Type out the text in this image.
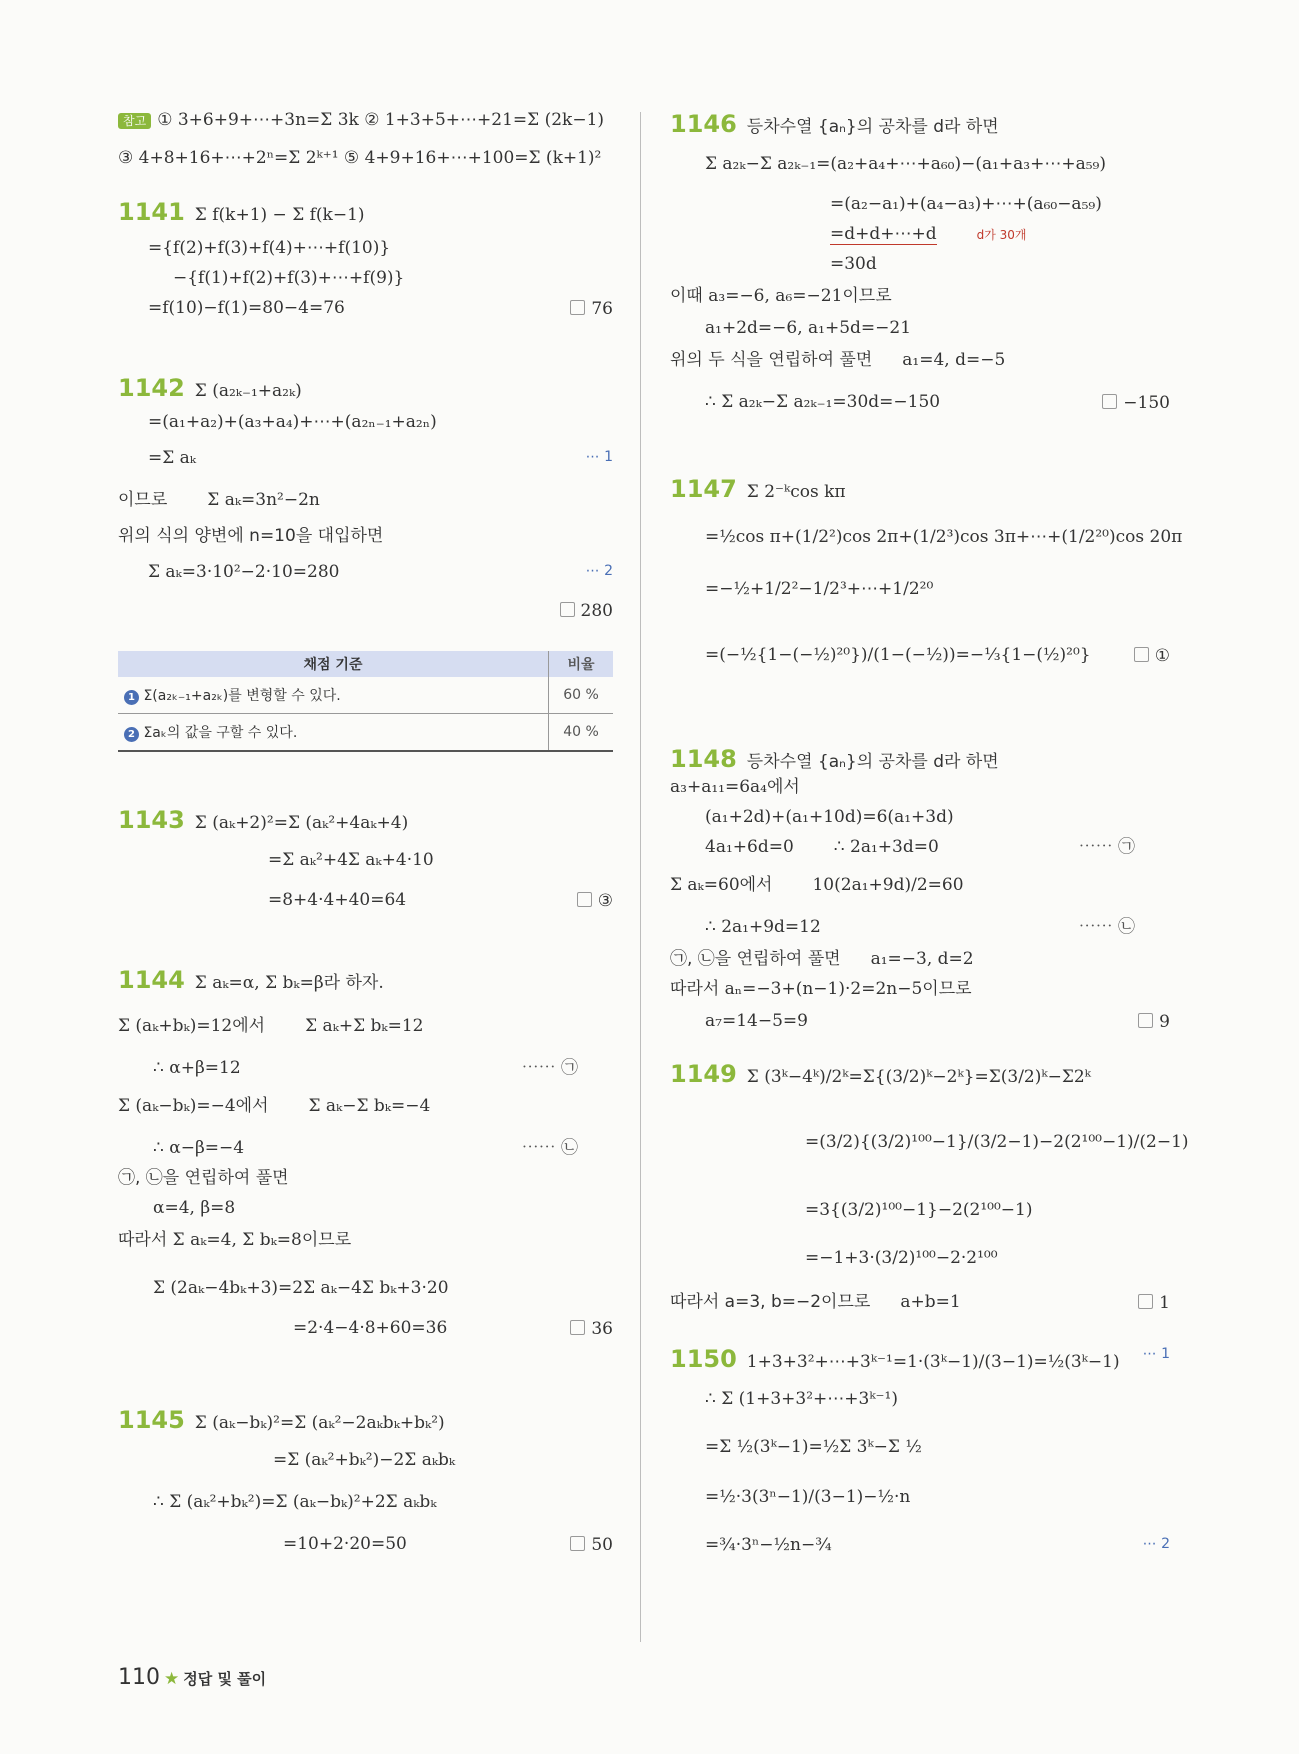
참고 ① 3+6+9+⋯+3n=Σ 3k ② 1+3+5+⋯+21=Σ (2k−1)
③ 4+8+16+⋯+2ⁿ=Σ 2ᵏ⁺¹ ⑤ 4+9+16+⋯+100=Σ (k+1)²
1141 Σ f(k+1) − Σ f(k−1)
={f(2)+f(3)+f(4)+⋯+f(10)}
−{f(1)+f(2)+f(3)+⋯+f(9)}
=f(10)−f(1)=80−4=76	76
1142 Σ (a₂ₖ₋₁+a₂ₖ)
=(a₁+a₂)+(a₃+a₄)+⋯+(a₂ₙ₋₁+a₂ₙ)
=Σ aₖ	⋯ 1
이므로 Σ aₖ=3n²−2n
위의 식의 양변에 n=10을 대입하면
Σ aₖ=3·10²−2·10=280	⋯ 2
280
채점 기준	비율
1 Σ(a₂ₖ₋₁+a₂ₖ)를 변형할 수 있다.	60 %
2 Σaₖ의 값을 구할 수 있다.	40 %
1143 Σ (aₖ+2)²=Σ (aₖ²+4aₖ+4)
=Σ aₖ²+4Σ aₖ+4·10
=8+4·4+40=64	③
1144 Σ aₖ=α, Σ bₖ=β라 하자.
Σ (aₖ+bₖ)=12에서 Σ aₖ+Σ bₖ=12
∴ α+β=12	⋯⋯ ㉠
Σ (aₖ−bₖ)=−4에서 Σ aₖ−Σ bₖ=−4
∴ α−β=−4	⋯⋯ ㉡
㉠, ㉡을 연립하여 풀면
α=4, β=8
따라서 Σ aₖ=4, Σ bₖ=8이므로
Σ (2aₖ−4bₖ+3)=2Σ aₖ−4Σ bₖ+3·20
=2·4−4·8+60=36	36
1145 Σ (aₖ−bₖ)²=Σ (aₖ²−2aₖbₖ+bₖ²)
=Σ (aₖ²+bₖ²)−2Σ aₖbₖ
∴ Σ (aₖ²+bₖ²)=Σ (aₖ−bₖ)²+2Σ aₖbₖ
=10+2·20=50	50
1146 등차수열 {aₙ}의 공차를 d라 하면
Σ a₂ₖ−Σ a₂ₖ₋₁=(a₂+a₄+⋯+a₆₀)−(a₁+a₃+⋯+a₅₉)
=(a₂−a₁)+(a₄−a₃)+⋯+(a₆₀−a₅₉)
=d+d+⋯+d	d가 30개
=30d
이때 a₃=−6, a₆=−21이므로
a₁+2d=−6, a₁+5d=−21
위의 두 식을 연립하여 풀면 a₁=4, d=−5
∴ Σ a₂ₖ−Σ a₂ₖ₋₁=30d=−150	−150
1147 Σ 2⁻ᵏcos kπ
=½cos π+(1/2²)cos 2π+(1/2³)cos 3π+⋯+(1/2²⁰)cos 20π
=−½+1/2²−1/2³+⋯+1/2²⁰
=(−½{1−(−½)²⁰})/(1−(−½))=−⅓{1−(½)²⁰}	①
1148 등차수열 {aₙ}의 공차를 d라 하면
a₃+a₁₁=6a₄에서
(a₁+2d)+(a₁+10d)=6(a₁+3d)
4a₁+6d=0 ∴ 2a₁+3d=0	⋯⋯ ㉠
Σ aₖ=60에서 10(2a₁+9d)/2=60
∴ 2a₁+9d=12	⋯⋯ ㉡
㉠, ㉡을 연립하여 풀면 a₁=−3, d=2
따라서 aₙ=−3+(n−1)·2=2n−5이므로
a₇=14−5=9	9
1149 Σ (3ᵏ−4ᵏ)/2ᵏ=Σ{(3/2)ᵏ−2ᵏ}=Σ(3/2)ᵏ−Σ2ᵏ
=(3/2){(3/2)¹⁰⁰−1}/(3/2−1)−2(2¹⁰⁰−1)/(2−1)
=3{(3/2)¹⁰⁰−1}−2(2¹⁰⁰−1)
=−1+3·(3/2)¹⁰⁰−2·2¹⁰⁰
따라서 a=3, b=−2이므로 a+b=1	1
1150 1+3+3²+⋯+3ᵏ⁻¹=1·(3ᵏ−1)/(3−1)=½(3ᵏ−1) ⋯ 1
∴ Σ (1+3+3²+⋯+3ᵏ⁻¹)
=Σ ½(3ᵏ−1)=½Σ 3ᵏ−Σ ½
=½·3(3ⁿ−1)/(3−1)−½·n
=¾·3ⁿ−½n−¾	⋯ 2
110 ★ 정답 및 풀이
